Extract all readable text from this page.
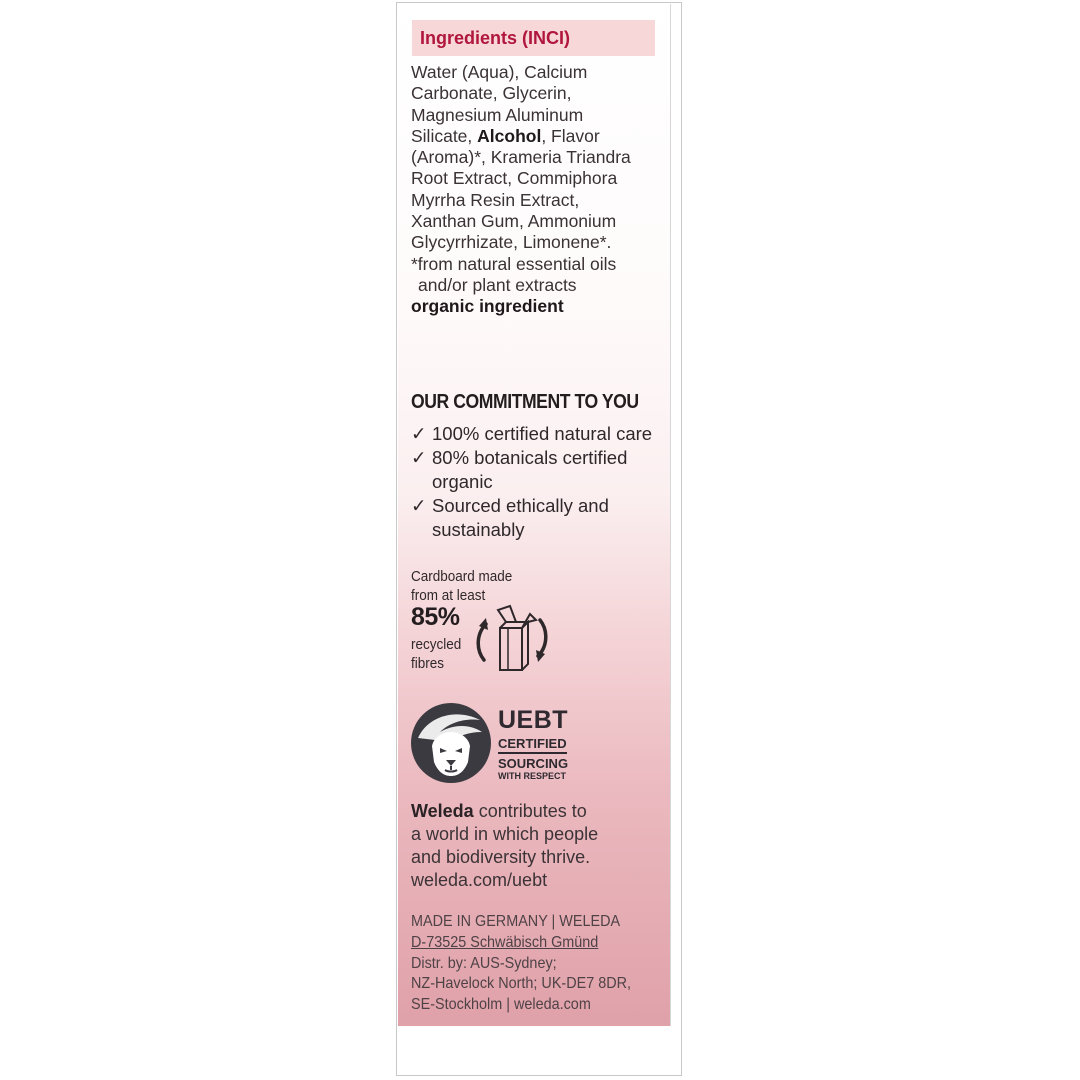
Ingredients (INCI)
Water (Aqua), Calcium
Carbonate, Glycerin,
Magnesium Aluminum
Silicate, Alcohol, Flavor
(Aroma)*, Krameria Triandra
Root Extract, Commiphora
Myrrha Resin Extract,
Xanthan Gum, Ammonium
Glycyrrhizate, Limonene*.
*from natural essential oils
and/or plant extracts
organic ingredient
OUR COMMITMENT TO YOU
✓ 100% certified natural care
✓ 80% botanicals certified
organic
✓ Sourced ethically and
sustainably
Cardboard made
from at least
85%
recycled
fibres
UEBT
CERTIFIED
SOURCING
WITH RESPECT
Weleda contributes to
a world in which people
and biodiversity thrive.
weleda.com/uebt
MADE IN GERMANY | WELEDA
D-73525 Schwäbisch Gmünd
Distr. by: AUS-Sydney;
NZ-Havelock North; UK-DE7 8DR,
SE-Stockholm | weleda.com
